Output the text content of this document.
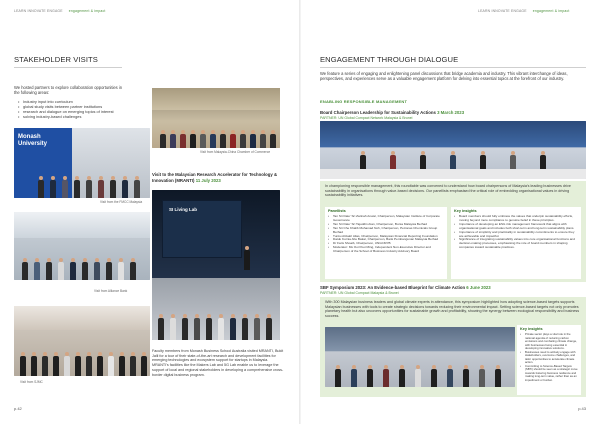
LEARN INNOVATE ENGAGE engagement & impact
STAKEHOLDER VISITS
We hosted partners to explore collaboration opportunities in the following areas:
• Industry input into curriculum
• global study visits between partner institutions
• research and dialogue on emerging topics of interest
• solving industry-based challenges
Visit from Malaysia-China Chamber of Commerce
Monash
University
Visit from the FMCC Malaysia
Visit to the Malaysian Research Accelerator for Technology & Innovation (MRANTI) 11 July 2023
Visit from Alliance Bank
SI Living Lab
Visit from SJMC
Faculty members from Monash Business School Australia visited MRANTI, Bukit Jalil for a tour of their state-of-the-art research and development facilities for emerging technologies and ecosystem support for startups in Malaysia. MRANTI's facilities like the Makers Lab and 5G Lab enable us to leverage the support of local and regional stakeholders in developing a comprehensive cross-border digital business program.
p.42
LEARN INNOVATE ENGAGE engagement & impact
ENGAGEMENT THROUGH DIALOGUE
We feature a series of engaging and enlightening panel discussions that bridge academia and industry. This vibrant interchange of ideas, perspectives, and experiences serve as a valuable engagement platform for delving into essential topics at the forefront of our industry.
ENABLING RESPONSIBLE MANAGEMENT
Board Chairperson Leadership for Sustainability Actions 3 March 2023
PARTNER: UN Global Compact Network Malaysia & Brunei
In championing responsible management, this roundtable was convened to understand how board chairpersons of Malaysia's leading businesses drive sustainability in organisations through value-based decisions. Our panellists emphasised the critical role of embedding organisational values in driving sustainability initiatives.
Panellists
• Tan Sri Dato' Sri Zarinah Anwar, Chairperson, Malaysian Institute of Corporate Governance
• Tan Sri Dato' Sri Tajuddin Atan, Chairperson, Bursa Malaysia Berhad
• Tan Sri Che Khalib Mohamad Noh, Chairperson, Petronas Chemicals Group Berhad
• Tunku Alizakri Alias, Chairperson, Malaysian Financial Reporting Foundation
• Datuk Kurnia Abu Bakar, Chairperson, Bank Pembangunan Malaysia Berhad
• Dr Faris Shoaib, Chairperson, UNGCMYB
• Moderator: Ms Ooi Pooi Ming, Independent Non-Executive Director and Chairperson of the School of Business Industry Advisory Board
Key insights
• Board members should fully embrace the values that underpin sustainability efforts, moving beyond mere compliance to genuine belief in these principles.
• Importance of developing an ESG risk management framework that aligns with organisational goals and includes both short-term and long-term sustainability plans.
• Importance of simplicity and practicality in sustainability commitments to ensure they are achievable and impactful.
• Significance of integrating sustainability values into core organisational functions and decision-making processes, emphasising the role of board members in shaping companies toward sustainable practices.
SBF Symposium 2023: An Evidence-based Blueprint for Climate Action 6 June 2023
PARTNER: UN Global Compact Malaysia & Brunei
With 300 Malaysian business leaders and global climate experts in attendance, this symposium highlighted how adopting science-based targets supports Malaysian businesses with tools to create strategic decisions towards reducing their environmental impact. Setting science-based targets not only promotes planetary health but also uncovers opportunities for sustainable growth and profitability, showing the synergy between ecological responsibility and business success.
Key insights
• Private sector plays a vital role in the national agenda of reducing carbon emissions and combating climate change, with businesses being essential in developing innovative solutions.
• Businesses need to actively engage with stakeholders, overcome challenges, and tailor opportunities to accelerate climate action.
• Committing to Science-Based Targets (SBTi) should be seen as a strategic move towards fostering business resilience and making long-term value, rather than as an impediment or burden.
p.43
